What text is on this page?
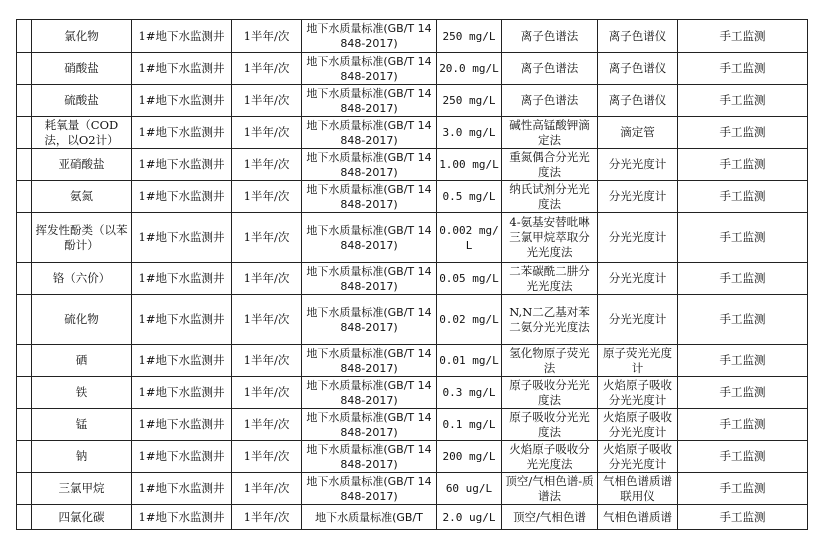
	氯化物	1#地下水监测井	1半年/次	地下水质量标准(GB/T 14848-2017)	250 mg/L	离子色谱法	离子色谱仪	手工监测
	硝酸盐	1#地下水监测井	1半年/次	地下水质量标准(GB/T 14848-2017)	20.0 mg/L	离子色谱法	离子色谱仪	手工监测
	硫酸盐	1#地下水监测井	1半年/次	地下水质量标准(GB/T 14848-2017)	250 mg/L	离子色谱法	离子色谱仪	手工监测
	耗氧量（COD法，以O2计）	1#地下水监测井	1半年/次	地下水质量标准(GB/T 14848-2017)	3.0 mg/L	碱性高锰酸钾滴定法	滴定管	手工监测
	亚硝酸盐	1#地下水监测井	1半年/次	地下水质量标准(GB/T 14848-2017)	1.00 mg/L	重氮偶合分光光度法	分光光度计	手工监测
	氨氮	1#地下水监测井	1半年/次	地下水质量标准(GB/T 14848-2017)	0.5 mg/L	纳氏试剂分光光度法	分光光度计	手工监测
	挥发性酚类（以苯酚计）	1#地下水监测井	1半年/次	地下水质量标准(GB/T 14848-2017)	0.002 mg/L	4-氨基安替吡啉三氯甲烷萃取分光光度法	分光光度计	手工监测
	铬（六价）	1#地下水监测井	1半年/次	地下水质量标准(GB/T 14848-2017)	0.05 mg/L	二苯碳酰二肼分光光度法	分光光度计	手工监测
	硫化物	1#地下水监测井	1半年/次	地下水质量标准(GB/T 14848-2017)	0.02 mg/L	N,N二乙基对苯二氨分光光度法	分光光度计	手工监测
	硒	1#地下水监测井	1半年/次	地下水质量标准(GB/T 14848-2017)	0.01 mg/L	氢化物原子荧光法	原子荧光光度计	手工监测
	铁	1#地下水监测井	1半年/次	地下水质量标准(GB/T 14848-2017)	0.3 mg/L	原子吸收分光光度法	火焰原子吸收分光光度计	手工监测
	锰	1#地下水监测井	1半年/次	地下水质量标准(GB/T 14848-2017)	0.1 mg/L	原子吸收分光光度法	火焰原子吸收分光光度计	手工监测
	钠	1#地下水监测井	1半年/次	地下水质量标准(GB/T 14848-2017)	200 mg/L	火焰原子吸收分光光度法	火焰原子吸收分光光度计	手工监测
	三氯甲烷	1#地下水监测井	1半年/次	地下水质量标准(GB/T 14848-2017)	60 ug/L	顶空/气相色谱-质谱法	气相色谱质谱联用仪	手工监测
	四氯化碳	1#地下水监测井	1半年/次	地下水质量标准(GB/T	2.0 ug/L	顶空/气相色谱	气相色谱质谱	手工监测
